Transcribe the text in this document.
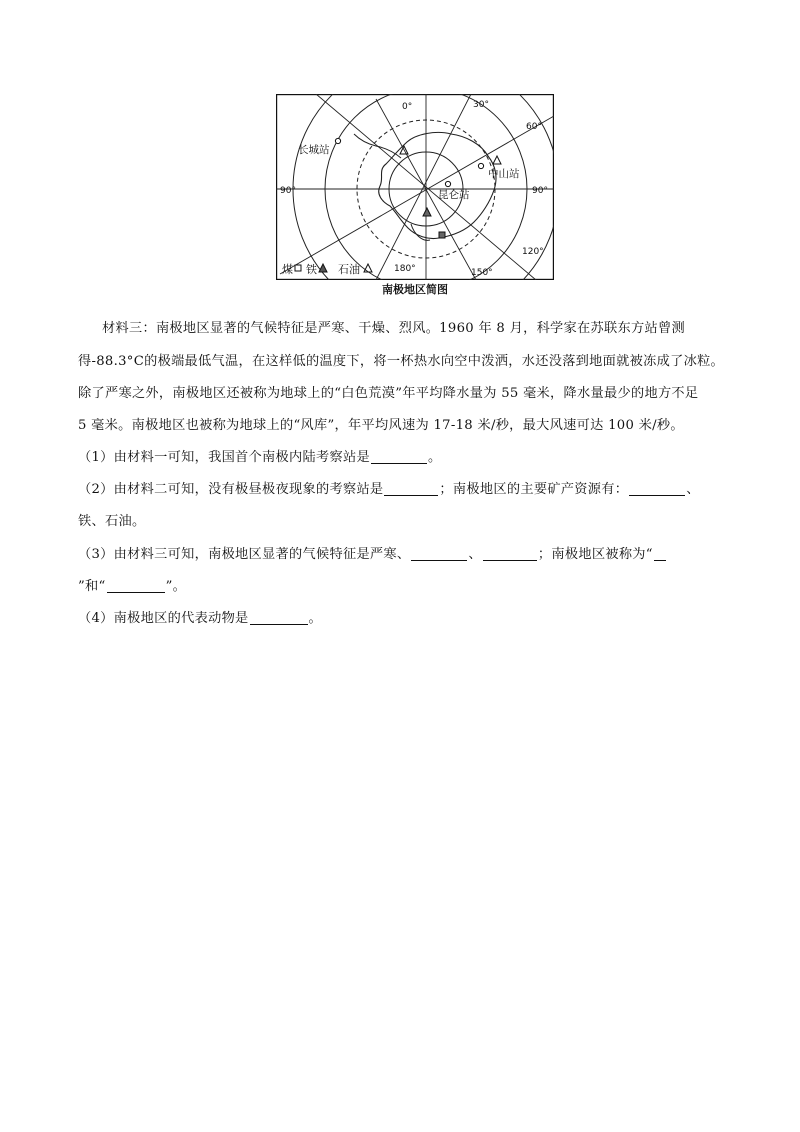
0°	30°
60°
90°
90°
120°
150°
180°
长城站
中山站
昆仑站
煤 铁 石油
南极地区简图
材料三：南极地区显著的气候特征是严寒、干燥、烈风。1960 年 8 月，科学家在苏联东方站曾测
得-88.3°C的极端最低气温，在这样低的温度下，将一杯热水向空中泼洒，水还没落到地面就被冻成了冰粒。
除了严寒之外，南极地区还被称为地球上的“白色荒漠”年平均降水量为 55 毫米，降水量最少的地方不足
5 毫米。南极地区也被称为地球上的“风库”，年平均风速为 17-18 米/秒，最大风速可达 100 米/秒。
（1）由材料一可知，我国首个南极内陆考察站是	。
（2）由材料二可知，没有极昼极夜现象的考察站是	；南极地区的主要矿产资源有：	、
铁、石油。
（3）由材料三可知，南极地区显著的气候特征是严寒、	、	；南极地区被称为“
”和“	”。
（4）南极地区的代表动物是	。
